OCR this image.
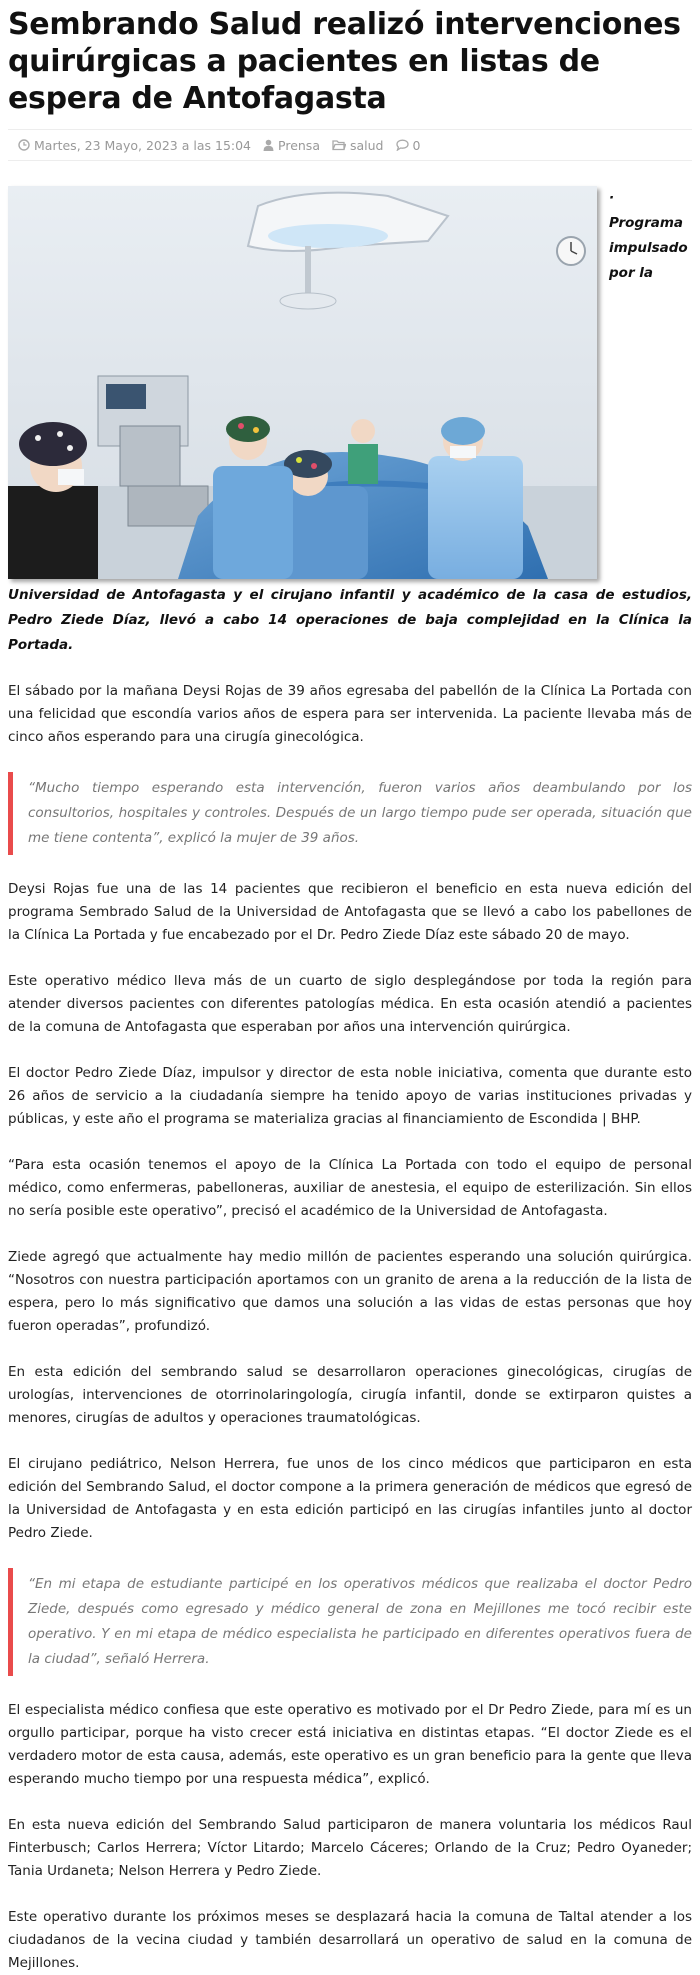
Sembrando Salud realizó intervenciones quirúrgicas a pacientes en listas de espera de Antofagasta
Martes, 23 Mayo, 2023 a las 15:04 Prensa salud 0

· Programa impulsado por la
Universidad de Antofagasta y el cirujano infantil y académico de la casa de estudios, Pedro Ziede Díaz, llevó a cabo 14 operaciones de baja complejidad en la Clínica la Portada.

El sábado por la mañana Deysi Rojas de 39 años egresaba del pabellón de la Clínica La Portada con una felicidad que escondía varios años de espera para ser intervenida. La paciente llevaba más de cinco años esperando para una cirugía ginecológica.

“Mucho tiempo esperando esta intervención, fueron varios años deambulando por los consultorios, hospitales y controles. Después de un largo tiempo pude ser operada, situación que me tiene contenta”, explicó la mujer de 39 años.

Deysi Rojas fue una de las 14 pacientes que recibieron el beneficio en esta nueva edición del programa Sembrado Salud de la Universidad de Antofagasta que se llevó a cabo los pabellones de la Clínica La Portada y fue encabezado por el Dr. Pedro Ziede Díaz este sábado 20 de mayo.

Este operativo médico lleva más de un cuarto de siglo desplegándose por toda la región para atender diversos pacientes con diferentes patologías médica. En esta ocasión atendió a pacientes de la comuna de Antofagasta que esperaban por años una intervención quirúrgica.

El doctor Pedro Ziede Díaz, impulsor y director de esta noble iniciativa, comenta que durante esto 26 años de servicio a la ciudadanía siempre ha tenido apoyo de varias instituciones privadas y públicas, y este año el programa se materializa gracias al financiamiento de Escondida | BHP.

“Para esta ocasión tenemos el apoyo de la Clínica La Portada con todo el equipo de personal médico, como enfermeras, pabelloneras, auxiliar de anestesia, el equipo de esterilización. Sin ellos no sería posible este operativo”, precisó el académico de la Universidad de Antofagasta.

Ziede agregó que actualmente hay medio millón de pacientes esperando una solución quirúrgica. “Nosotros con nuestra participación aportamos con un granito de arena a la reducción de la lista de espera, pero lo más significativo que damos una solución a las vidas de estas personas que hoy fueron operadas”, profundizó.

En esta edición del sembrando salud se desarrollaron operaciones ginecológicas, cirugías de urologías, intervenciones de otorrinolaringología, cirugía infantil, donde se extirparon quistes a menores, cirugías de adultos y operaciones traumatológicas.

El cirujano pediátrico, Nelson Herrera, fue unos de los cinco médicos que participaron en esta edición del Sembrando Salud, el doctor compone a la primera generación de médicos que egresó de la Universidad de Antofagasta y en esta edición participó en las cirugías infantiles junto al doctor Pedro Ziede.

“En mi etapa de estudiante participé en los operativos médicos que realizaba el doctor Pedro Ziede, después como egresado y médico general de zona en Mejillones me tocó recibir este operativo. Y en mi etapa de médico especialista he participado en diferentes operativos fuera de la ciudad”, señaló Herrera.

El especialista médico confiesa que este operativo es motivado por el Dr Pedro Ziede, para mí es un orgullo participar, porque ha visto crecer está iniciativa en distintas etapas. “El doctor Ziede es el verdadero motor de esta causa, además, este operativo es un gran beneficio para la gente que lleva esperando mucho tiempo por una respuesta médica”, explicó.

En esta nueva edición del Sembrando Salud participaron de manera voluntaria los médicos Raul Finterbusch; Carlos Herrera; Víctor Litardo; Marcelo Cáceres; Orlando de la Cruz; Pedro Oyaneder; Tania Urdaneta; Nelson Herrera y Pedro Ziede.

Este operativo durante los próximos meses se desplazará hacia la comuna de Taltal atender a los ciudadanos de la vecina ciudad y también desarrollará un operativo de salud en la comuna de Mejillones.
